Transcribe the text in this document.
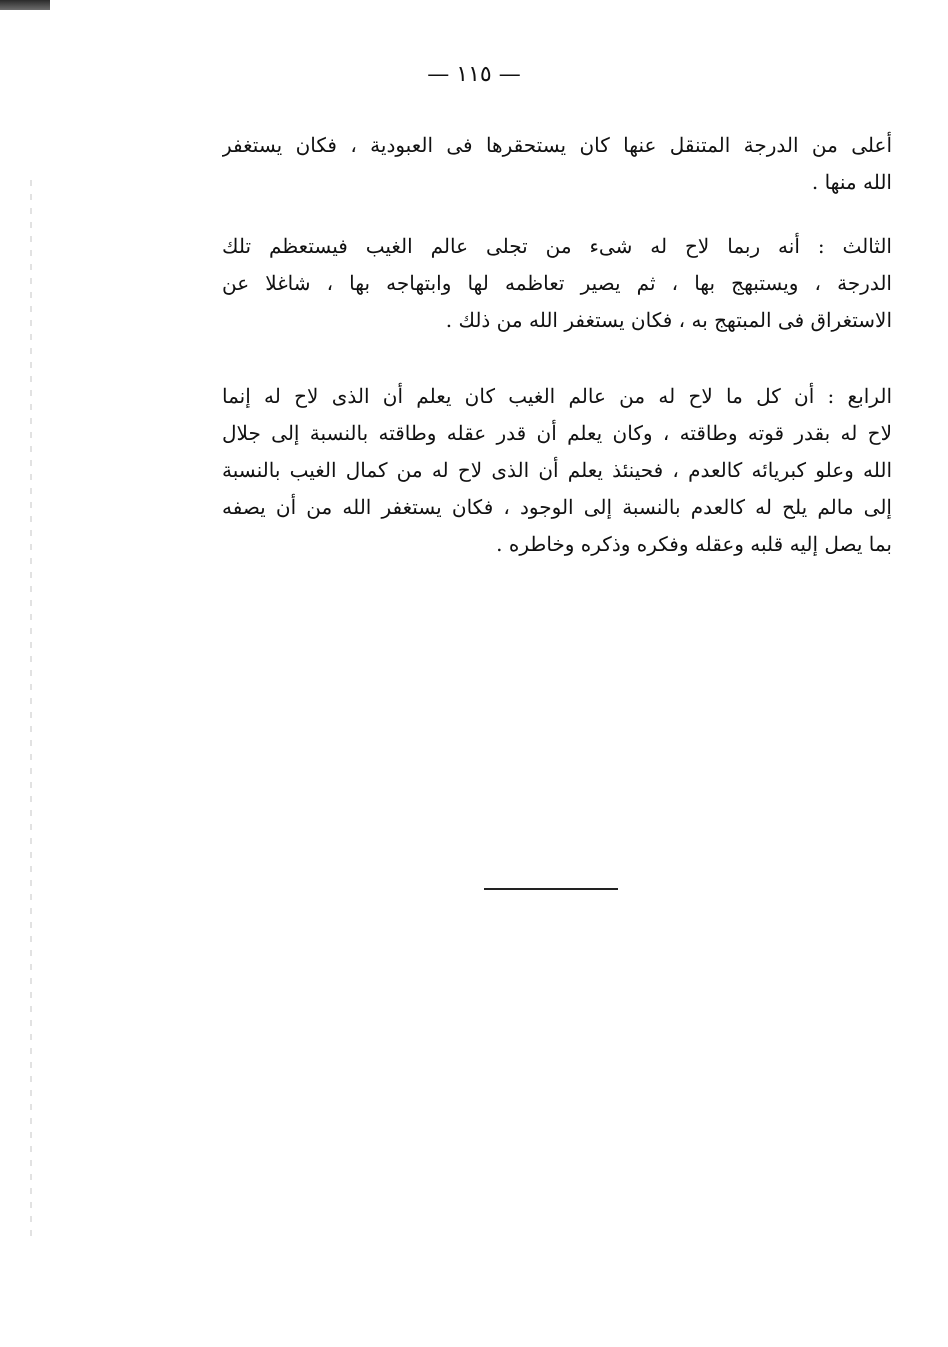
— ١١٥ —
أعلى من الدرجة المتنقل عنها كان يستحقرها فى العبودية ، فكان يستغفر
الله منها .
الثالث : أنه ربما لاح له شىء من تجلى عالم الغيب فيستعظم تلك
الدرجة ، ويستبهج بها ، ثم يصير تعاظمه لها وابتهاجه بها ، شاغلا عن
الاستغراق فى المبتهج به ، فكان يستغفر الله من ذلك .
الرابع : أن كل ما لاح له من عالم الغيب كان يعلم أن الذى لاح له إنما
لاح له بقدر قوته وطاقته ، وكان يعلم أن قدر عقله وطاقته بالنسبة إلى جلال
الله وعلو كبريائه كالعدم ، فحينئذ يعلم أن الذى لاح له من كمال الغيب بالنسبة
إلى مالم يلح له كالعدم بالنسبة إلى الوجود ، فكان يستغفر الله من أن يصفه
بما يصل إليه قلبه وعقله وفكره وذكره وخاطره .
